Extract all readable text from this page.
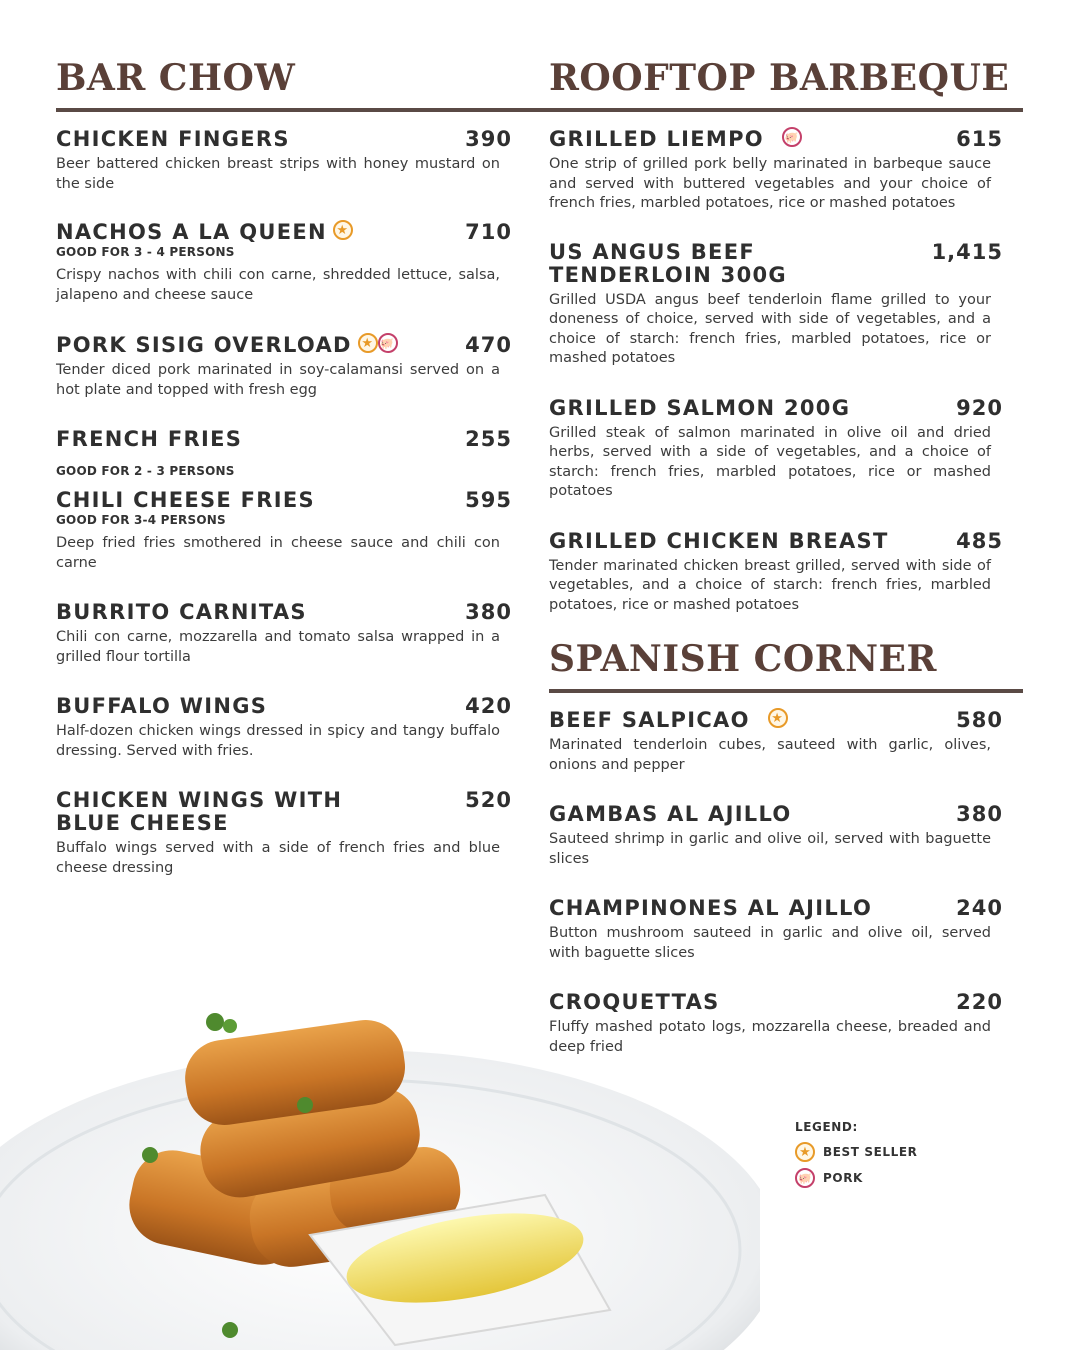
BAR CHOW
CHICKEN FINGERS	390
Beer battered chicken breast strips with honey mustard on the side
NACHOS A LA QUEEN ★	710
GOOD FOR 3 - 4 PERSONS
Crispy nachos with chili con carne, shredded lettuce, salsa, jalapeno and cheese sauce
PORK SISIG OVERLOAD ★ 🐖	470
Tender diced pork marinated in soy-calamansi served on a hot plate and topped with fresh egg
FRENCH FRIES	255
GOOD FOR 2 - 3 PERSONS
CHILI CHEESE FRIES	595
GOOD FOR 3-4 PERSONS
Deep fried fries smothered in cheese sauce and chili con carne
BURRITO CARNITAS	380
Chili con carne, mozzarella and tomato salsa wrapped in a grilled flour tortilla
BUFFALO WINGS	420
Half-dozen chicken wings dressed in spicy and tangy buffalo dressing. Served with fries.
CHICKEN WINGS WITH BLUE CHEESE
520
Buffalo wings served with a side of french fries and blue cheese dressing
ROOFTOP BARBEQUE
GRILLED LIEMPO 🐖	615
One strip of grilled pork belly marinated in barbeque sauce and served with buttered vegetables and your choice of french fries, marbled potatoes, rice or mashed potatoes
US ANGUS BEEF TENDERLOIN 300G
1,415
Grilled USDA angus beef tenderloin flame grilled to your doneness of choice, served with side of vegetables, and a choice of starch: french fries, marbled potatoes, rice or mashed potatoes
GRILLED SALMON 200G	920
Grilled steak of salmon marinated in olive oil and dried herbs, served with a side of vegetables, and a choice of starch: french fries, marbled potatoes, rice or mashed potatoes
GRILLED CHICKEN BREAST	485
Tender marinated chicken breast grilled, served with side of vegetables, and a choice of starch: french fries, marbled potatoes, rice or mashed potatoes
SPANISH CORNER
BEEF SALPICAO ★	580
Marinated tenderloin cubes, sauteed with garlic, olives, onions and pepper
GAMBAS AL AJILLO	380
Sauteed shrimp in garlic and olive oil, served with baguette slices
CHAMPINONES AL AJILLO	240
Button mushroom sauteed in garlic and olive oil, served with baguette slices
CROQUETTAS	220
Fluffy mashed potato logs, mozzarella cheese, breaded and deep fried
LEGEND:
★	BEST SELLER
🐖 PORK
